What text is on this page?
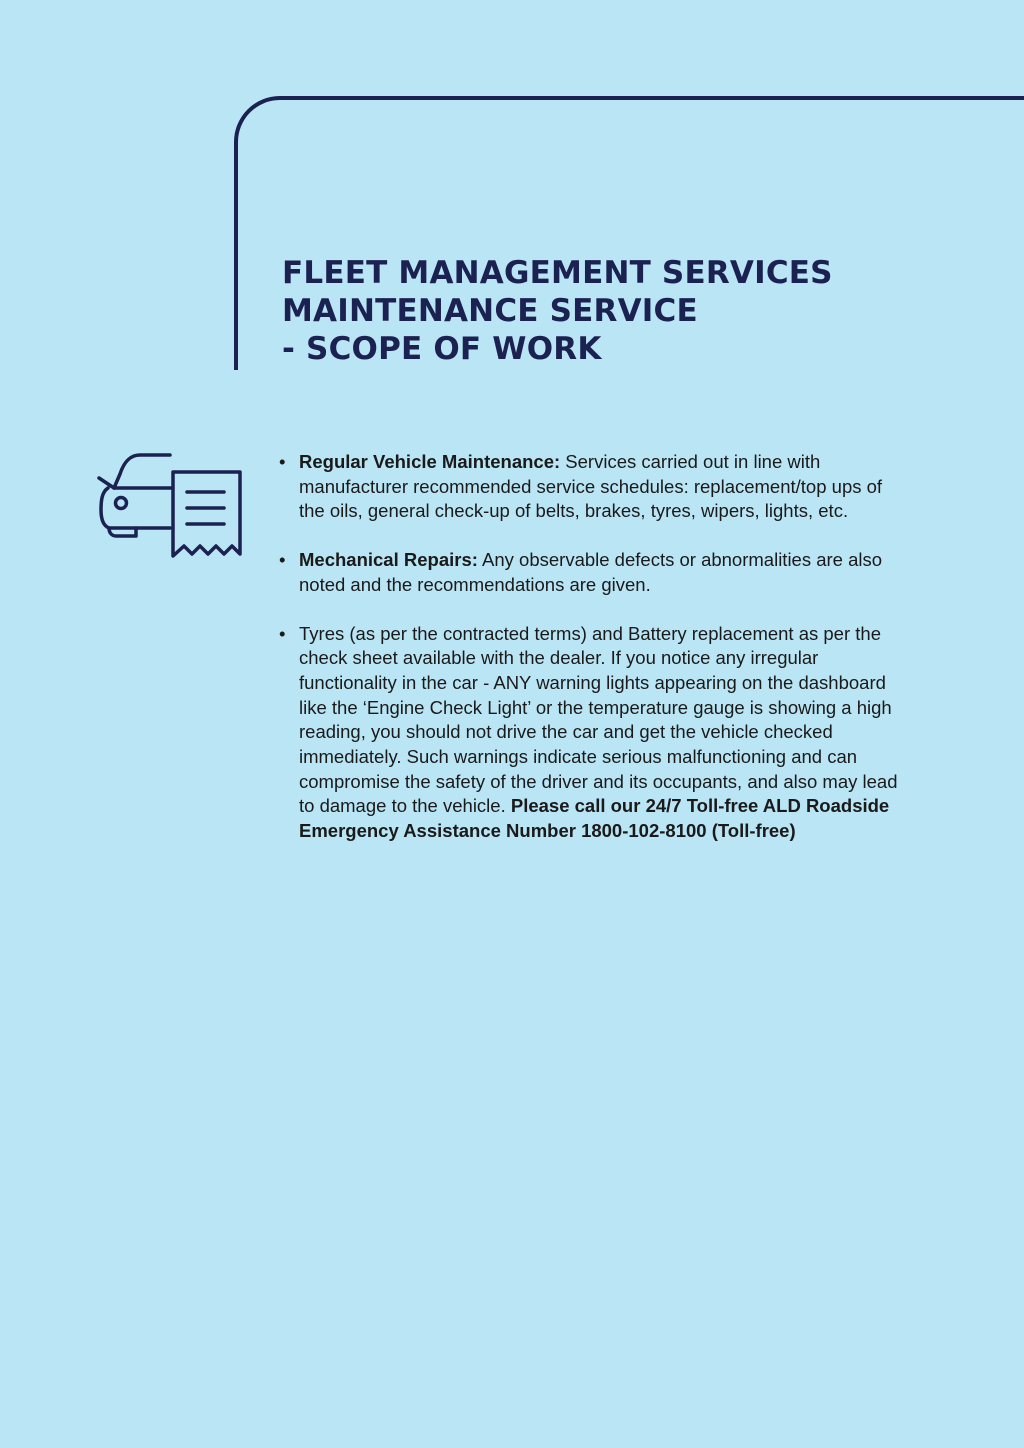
FLEET MANAGEMENT SERVICES
MAINTENANCE SERVICE
- SCOPE OF WORK
• Regular Vehicle Maintenance: Services carried out in line with manufacturer recommended service schedules: replacement/top ups of the oils, general check-up of belts, brakes, tyres, wipers, lights, etc.
• Mechanical Repairs: Any observable defects or abnormalities are also noted and the recommendations are given.
• Tyres (as per the contracted terms) and Battery replacement as per the check sheet available with the dealer. If you notice any irregular functionality in the car - ANY warning lights appearing on the dashboard like the ‘Engine Check Light’ or the temperature gauge is showing a high reading, you should not drive the car and get the vehicle checked immediately. Such warnings indicate serious malfunctioning and can compromise the safety of the driver and its occupants, and also may lead to damage to the vehicle. Please call our 24/7 Toll-free ALD Roadside Emergency Assistance Number 1800-102-8100 (Toll-free)
